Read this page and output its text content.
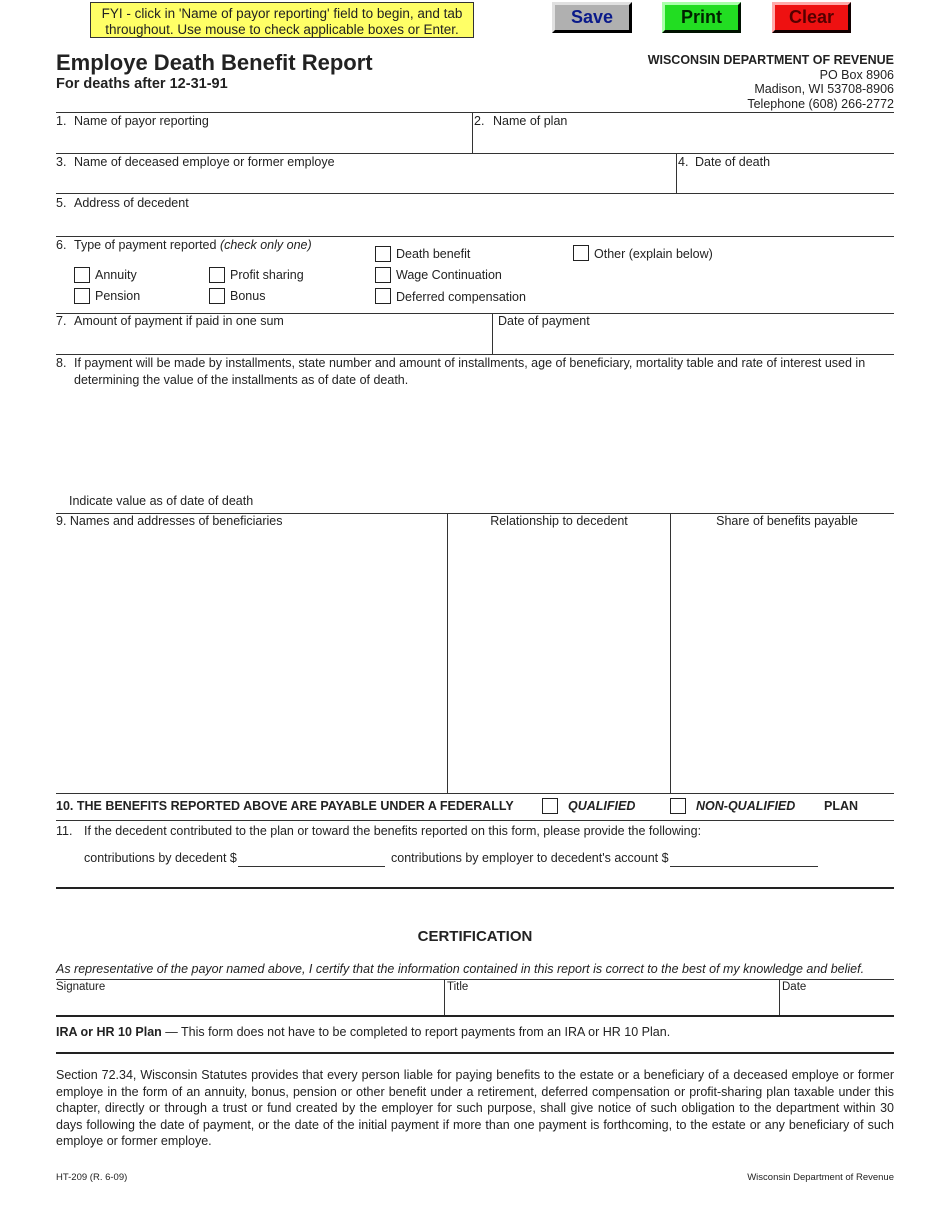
FYI - click in 'Name of payor reporting' field to begin, and tab
throughout. Use mouse to check applicable boxes or Enter.
Save	Print	Clear
Employe Death Benefit Report
For deaths after 12-31-91
WISCONSIN DEPARTMENT OF REVENUE
PO Box 8906
Madison, WI 53708-8906
Telephone (608) 266-2772
1. Name of payor reporting	2. Name of plan
3. Name of deceased employe or former employe	4. Date of death
5. Address of decedent
6. Type of payment reported (check only one)
Annuity
Pension
Profit sharing
Bonus
Death benefit
Wage Continuation
Deferred compensation
Other (explain below)
7. Amount of payment if paid in one sum	Date of payment
8. If payment will be made by installments, state number and amount of installments, age of beneficiary, mortality table and rate of interest used in
determining the value of the installments as of date of death.
Indicate value as of date of death
9. Names and addresses of beneficiaries	Relationship to decedent	Share of benefits payable
10. THE BENEFITS REPORTED ABOVE ARE PAYABLE UNDER A FEDERALLY	QUALIFIED	NON-QUALIFIED PLAN
11. If the decedent contributed to the plan or toward the benefits reported on this form, please provide the following:
contributions by decedent $	contributions by employer to decedent's account $
CERTIFICATION
As representative of the payor named above, I certify that the information contained in this report is correct to the best of my knowledge and belief.
Signature	Title	Date
IRA or HR 10 Plan — This form does not have to be completed to report payments from an IRA or HR 10 Plan.
Section 72.34, Wisconsin Statutes provides that every person liable for paying benefits to the estate or a beneficiary of a deceased employe or former employe in the form of an annuity, bonus, pension or other benefit under a retirement, deferred compensation or profit-sharing plan taxable under this chapter, directly or through a trust or fund created by the employer for such purpose, shall give notice of such obligation to the department within 30 days following the date of payment, or the date of the initial payment if more than one payment is forthcoming, to the estate or any beneficiary of such employe or former employe.
HT-209 (R. 6-09)	Wisconsin Department of Revenue
